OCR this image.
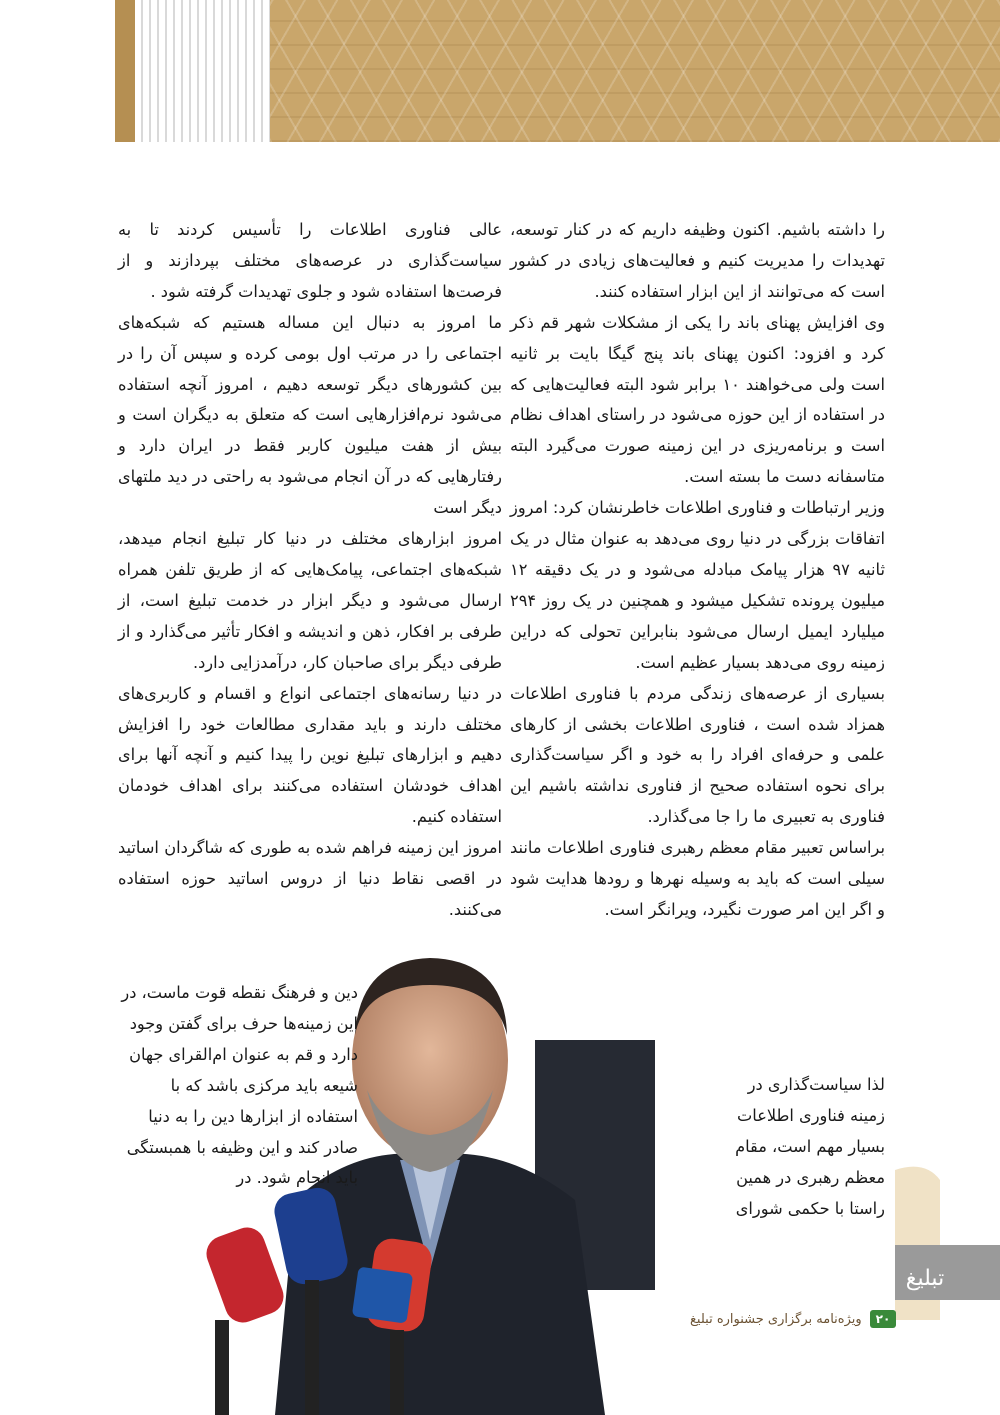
را داشته باشیم. اکنون وظیفه داریم که در کنار توسعه، تهدیدات را مدیریت کنیم و فعالیت‌های زیادی در کشور است که می‌توانند از این ابزار استفاده کنند.

وی افزایش پهنای باند را یکی از مشکلات شهر قم ذکر کرد و افزود: اکنون پهنای باند پنج گیگا بایت بر ثانیه است ولی می‌خواهند ۱۰ برابر شود البته فعالیت‌هایی که در استفاده از این حوزه می‌شود در راستای اهداف نظام است و برنامه‌ریزی در این زمینه صورت می‌گیرد البته متاسفانه دست ما بسته است.

وزیر ارتباطات و فناوری اطلاعات خاطرنشان کرد: امروز اتفاقات بزرگی در دنیا روی می‌دهد به عنوان مثال در یک ثانیه ۹۷ هزار پیامک مبادله می‌شود و در یک دقیقه ۱۲ میلیون پرونده تشکیل میشود و همچنین در یک روز ۲۹۴ میلیارد ایمیل ارسال می‌شود بنابراین تحولی که دراین زمینه روی می‌دهد بسیار عظیم است.

بسیاری از عرصه‌های زندگی مردم با فناوری اطلاعات همزاد شده است ، فناوری اطلاعات بخشی از کارهای علمی و حرفه‌ای افراد را به خود و اگر سیاست‌گذاری برای نحوه استفاده صحیح از فناوری نداشته باشیم این فناوری به تعبیری ما را جا می‌گذارد.

براساس تعبیر مقام معظم رهبری فناوری اطلاعات مانند سیلی است که باید به وسیله نهرها و رودها هدایت شود و اگر این امر صورت نگیرد، ویرانگر است.

عالی فناوری اطلاعات را تأسیس کردند تا به سیاست‌گذاری در عرصه‌های مختلف بپردازند و از فرصت‌ها استفاده شود و جلوی تهدیدات گرفته شود .

ما امروز به دنبال این مساله هستیم که شبکه‌های اجتماعی را در مرتب اول بومی کرده و سپس آن را در بین کشورهای دیگر توسعه دهیم ، امروز آنچه استفاده می‌شود نرم‌افزارهایی است که متعلق به دیگران است و بیش از هفت میلیون کاربر فقط در ایران دارد و رفتارهایی که در آن انجام می‌شود به راحتی در دید ملتهای دیگر است

امروز ابزارهای مختلف در دنیا کار تبلیغ انجام میدهد، شبکه‌های اجتماعی، پیامک‌هایی که از طریق تلفن همراه ارسال می‌شود و دیگر ابزار در خدمت تبلیغ است، از طرفی بر افکار، ذهن و اندیشه و افکار تأثیر می‌گذارد و از طرفی دیگر برای صاحبان کار، درآمدزایی دارد.

در دنیا رسانه‌های اجتماعی انواع و اقسام و کاربری‌های مختلف دارند و باید مقداری مطالعات خود را افزایش دهیم و ابزارهای تبلیغ نوین را پیدا کنیم و آنچه آنها برای اهداف خودشان استفاده می‌کنند برای اهداف خودمان استفاده کنیم.

امروز این زمینه فراهم شده به طوری که شاگردان اساتید در اقصی نقاط دنیا از دروس اساتید حوزه استفاده می‌کنند.

لذا سیاست‌گذاری در زمینه فناوری اطلاعات بسیار مهم است، مقام معظم رهبری در همین راستا با حکمی شورای
دین و فرهنگ نقطه قوت ماست، در این زمینه‌ها حرف برای گفتن وجود دارد و قم به عنوان ام‌القرای جهان شیعه باید مرکزی باشد که با استفاده از ابزارها دین را به دنیا صادر کند و این وظیفه با همبستگی باید انجام شود. در
تبلیغ
۲۰
ویژه‌نامه برگزاری جشنواره تبلیغ
